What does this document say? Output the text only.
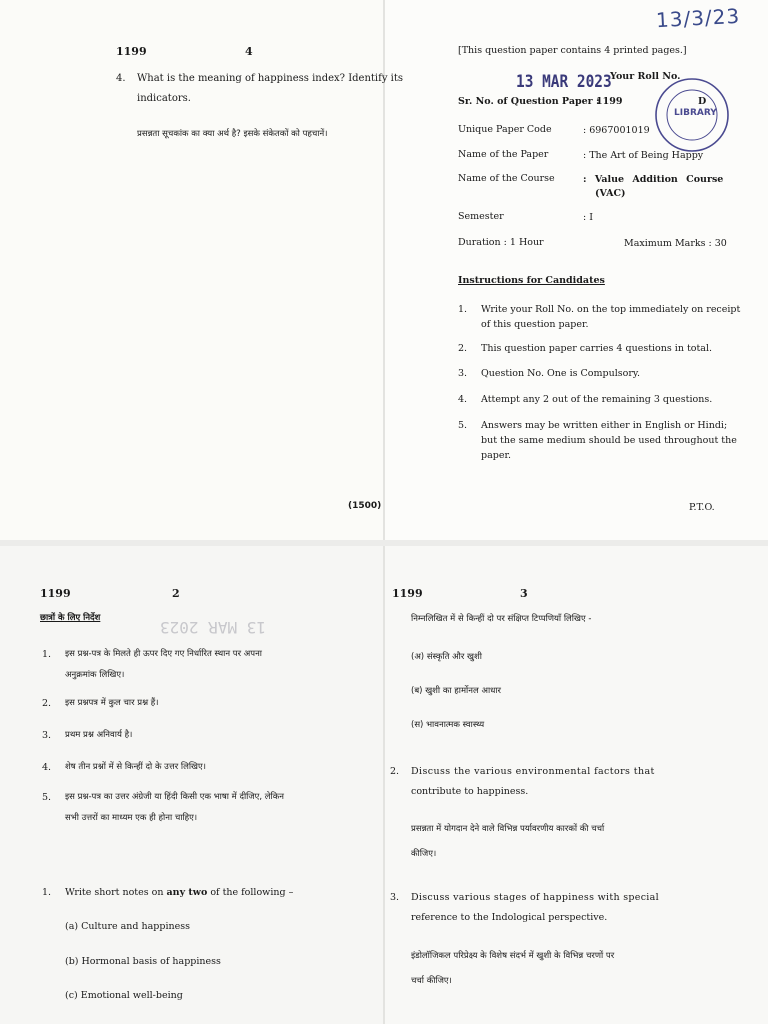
1199	4
4. What is the meaning of happiness index? Identify its
indicators.
प्रसन्नता सूचकांक का क्या अर्थ है? इसके संकेतकों को पहचानें।
(1500)
13/3/23
[This question paper contains 4 printed pages.]
13 MAR 2023
Your Roll No.
LIBRARY
Sr. No. of Question Paper :
1199	D
Unique Paper Code	: 6967001019
Name of the Paper	: The Art of Being Happy
Name of the Course	: Value Addition Course
(VAC)
Semester	: I
Duration : 1 Hour	Maximum Marks : 30
Instructions for Candidates
1. Write your Roll No. on the top immediately on receipt
of this question paper.
2. This question paper carries 4 questions in total.
3. Question No. One is Compulsory.
4. Attempt any 2 out of the remaining 3 questions.
5. Answers may be written either in English or Hindi;
but the same medium should be used throughout the
paper.
P.T.O.
13 MAR 2023
1199	2
छात्रों के लिए निर्देश
1. इस प्रश्न-पत्र के मिलते ही ऊपर दिए गए निर्धारित स्थान पर अपना
अनुक्रमांक लिखिए।
2. इस प्रश्नपत्र में कुल चार प्रश्न हैं।
3. प्रथम प्रश्न अनिवार्य है।
4. शेष तीन प्रश्नों में से किन्हीं दो के उत्तर लिखिए।
5. इस प्रश्न-पत्र का उत्तर अंग्रेजी या हिंदी किसी एक भाषा में दीजिए, लेकिन
सभी उत्तरों का माध्यम एक ही होना चाहिए।
1. Write short notes on any two of the following –
(a) Culture and happiness
(b) Hormonal basis of happiness
(c) Emotional well-being
1199	3
निम्नलिखित में से किन्हीं दो पर संक्षिप्त टिप्पणियाँ लिखिए -
(अ) संस्कृति और खुशी
(ब) खुशी का हार्मोनल आधार
(स) भावनात्मक स्वास्थ्य
2. Discuss the various environmental factors that
contribute to happiness.
प्रसन्नता में योगदान देने वाले विभिन्न पर्यावरणीय कारकों की चर्चा
कीजिए।
3. Discuss various stages of happiness with special
reference to the Indological perspective.
इंडोलॉजिकल परिप्रेक्ष्य के विशेष संदर्भ में खुशी के विभिन्न चरणों पर
चर्चा कीजिए।
